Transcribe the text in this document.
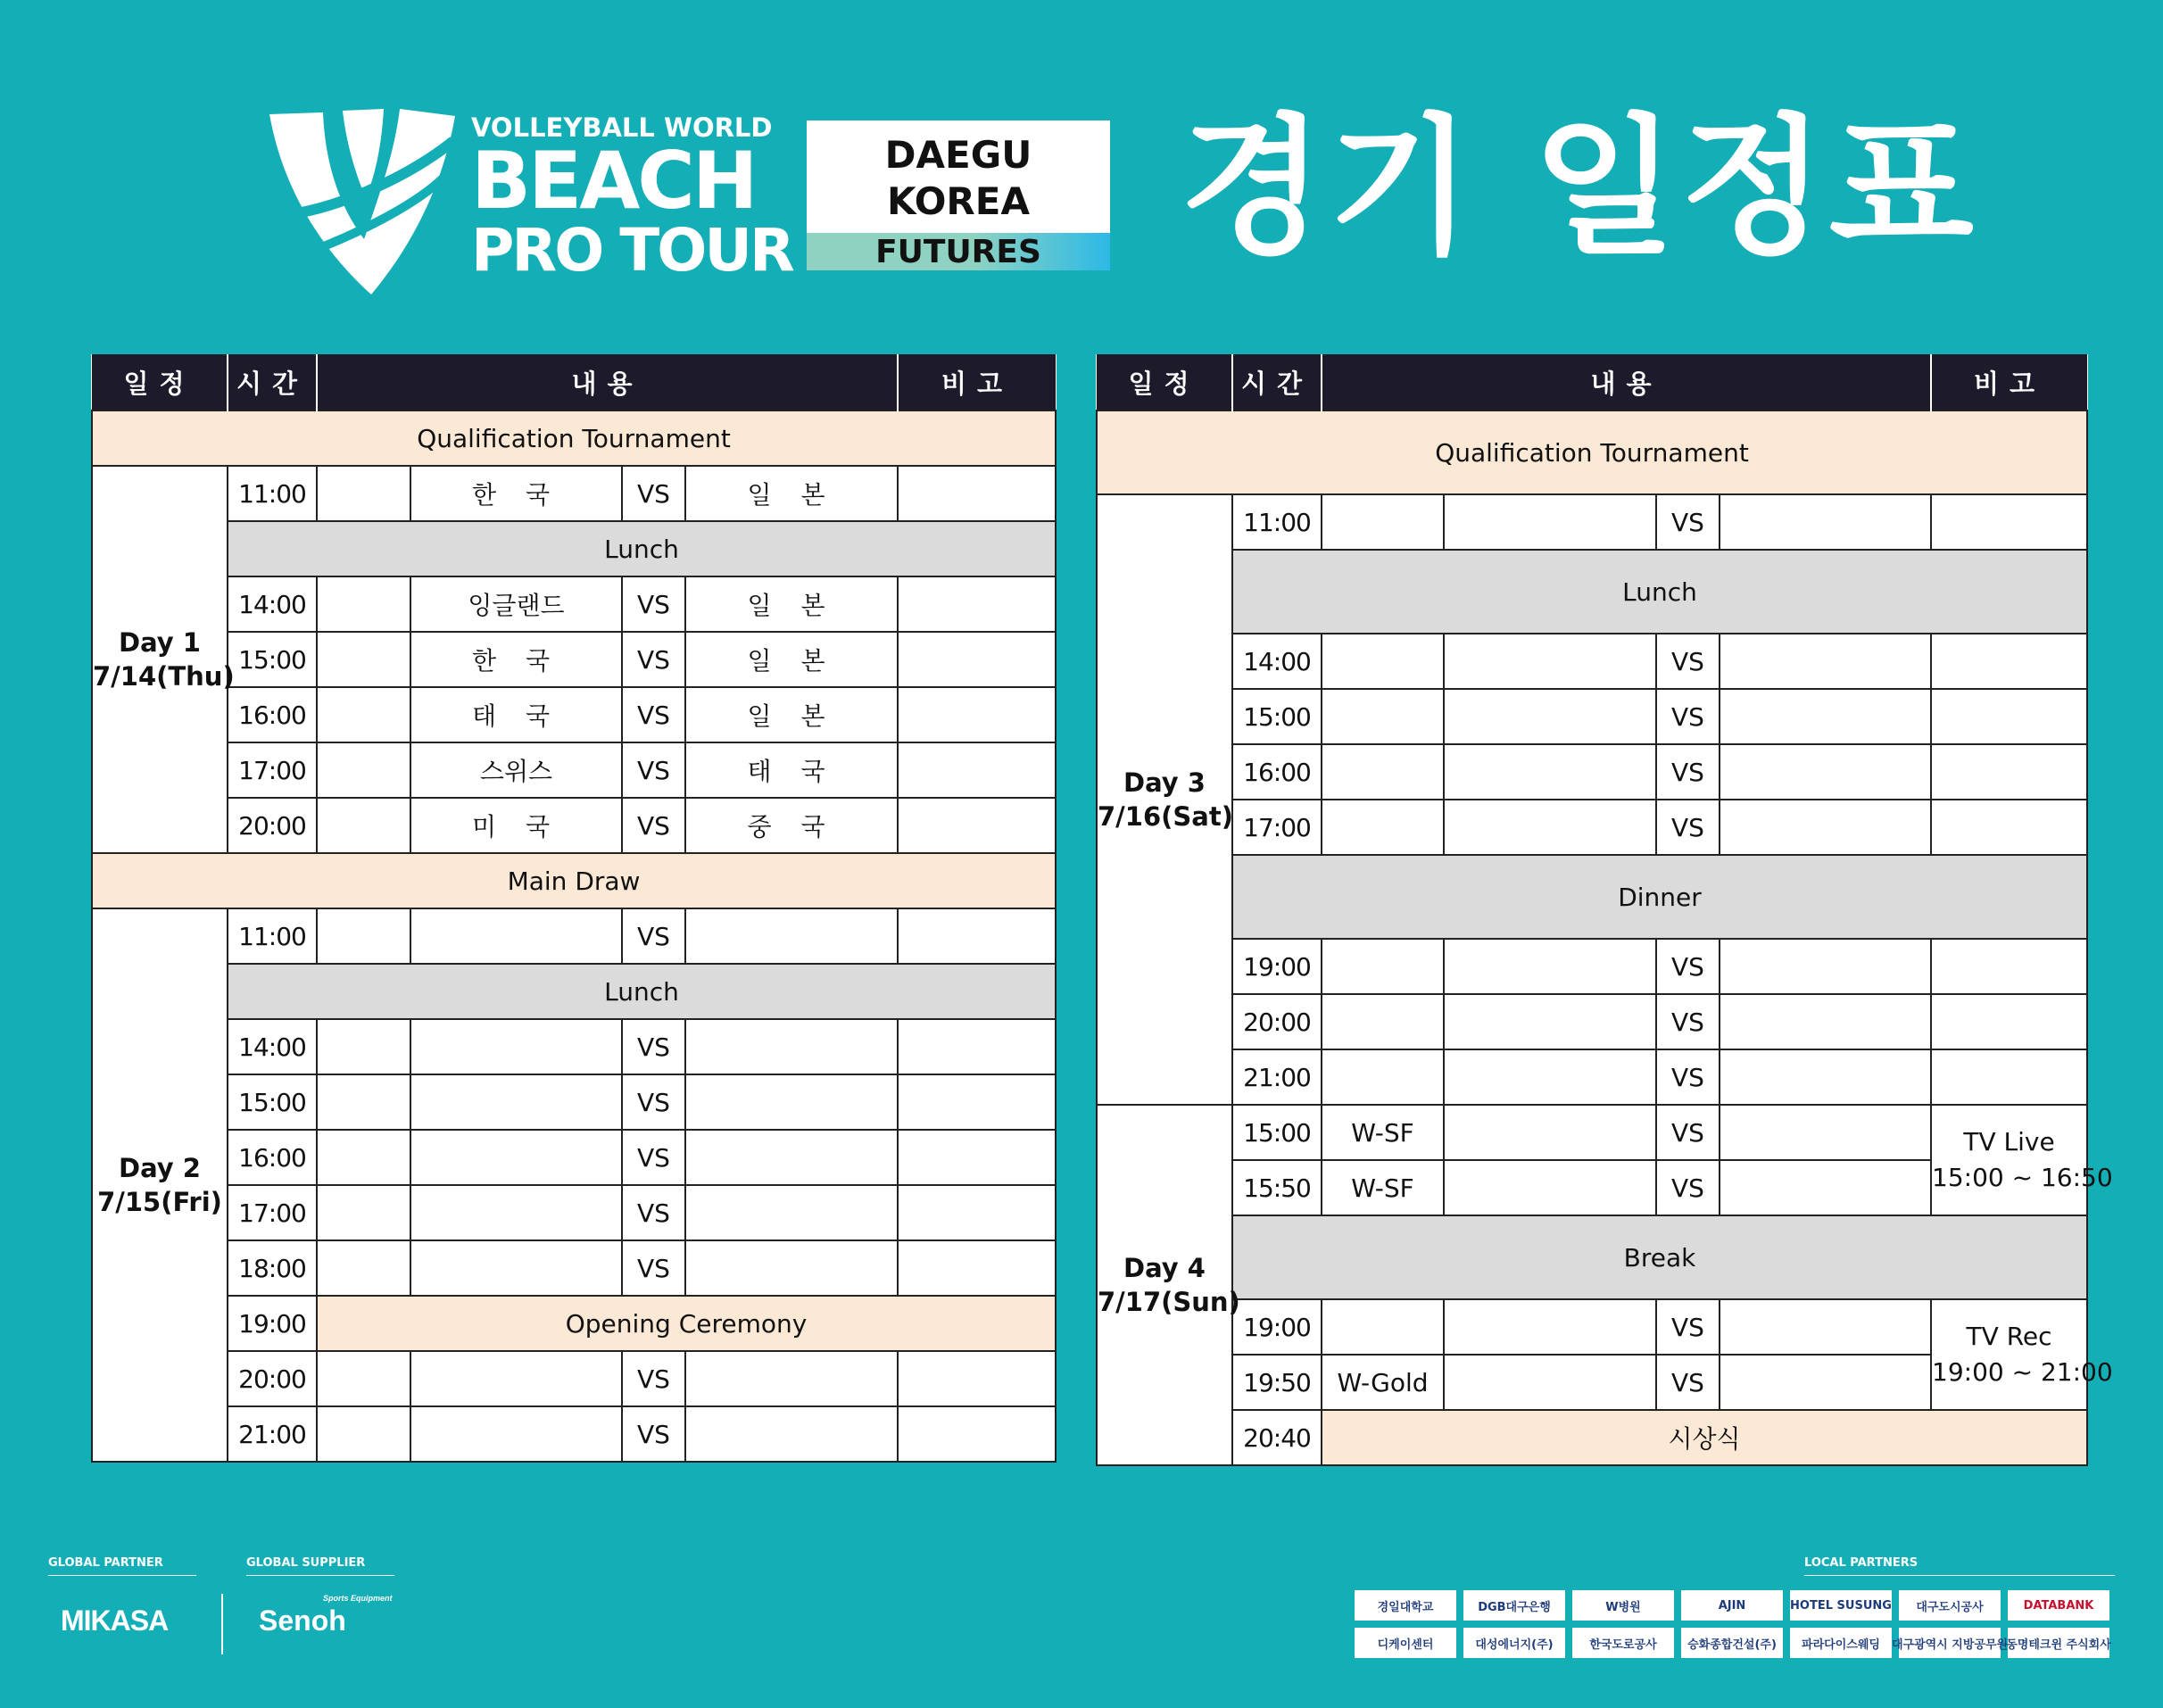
VOLLEYBALL WORLD
BEACH
PRO TOUR
DAEGU
KOREA
FUTURES 경기 일정표
일정	시간	내용				비고
Qualification Tournament						
Day 1
7/14(Thu)	11:00		한 국	VS	일 본	
	Lunch					
	14:00		잉글랜드	VS	일 본	
	15:00		한 국	VS	일 본	
	16:00		태 국	VS	일 본	
	17:00		스위스	VS	태 국	
	20:00		미 국	VS	중 국	
Main Draw						
Day 2
7/15(Fri)	11:00			VS		
	Lunch					
	14:00			VS		
	15:00			VS		
	16:00			VS		
	17:00			VS		
	18:00			VS		
	19:00	Opening Ceremony				
	20:00			VS		
	21:00			VS		
일정	시간	내용				비고
Qualification Tournament						
Day 3
7/16(Sat)	11:00			VS		
	Lunch					
	14:00			VS		
	15:00			VS		
	16:00			VS		
	17:00			VS		
	Dinner					
	19:00			VS		
	20:00			VS		
	21:00			VS		
Day 4
7/17(Sun)	15:00	W-SF		VS		TV Live
15:00 ~ 16:50
	15:50	W-SF		VS		
	Break					
	19:00			VS		TV Rec
19:00 ~ 21:00
	19:50	W-Gold		VS		
	20:40	시상식				
GLOBAL PARTNER	GLOBAL SUPPLIER	LOCAL PARTNERS
MIKASA	Senoh
Sports Equipment
경일대학교	DGB대구은행	W병원	AJIN	HOTEL SUSUNG	대구도시공사	DATABANK
디케이센터	대성에너지(주)	한국도로공사	승화종합건설(주)	파라다이스웨딩	대구광역시 지방공무원
동명테크윈 주식회사
